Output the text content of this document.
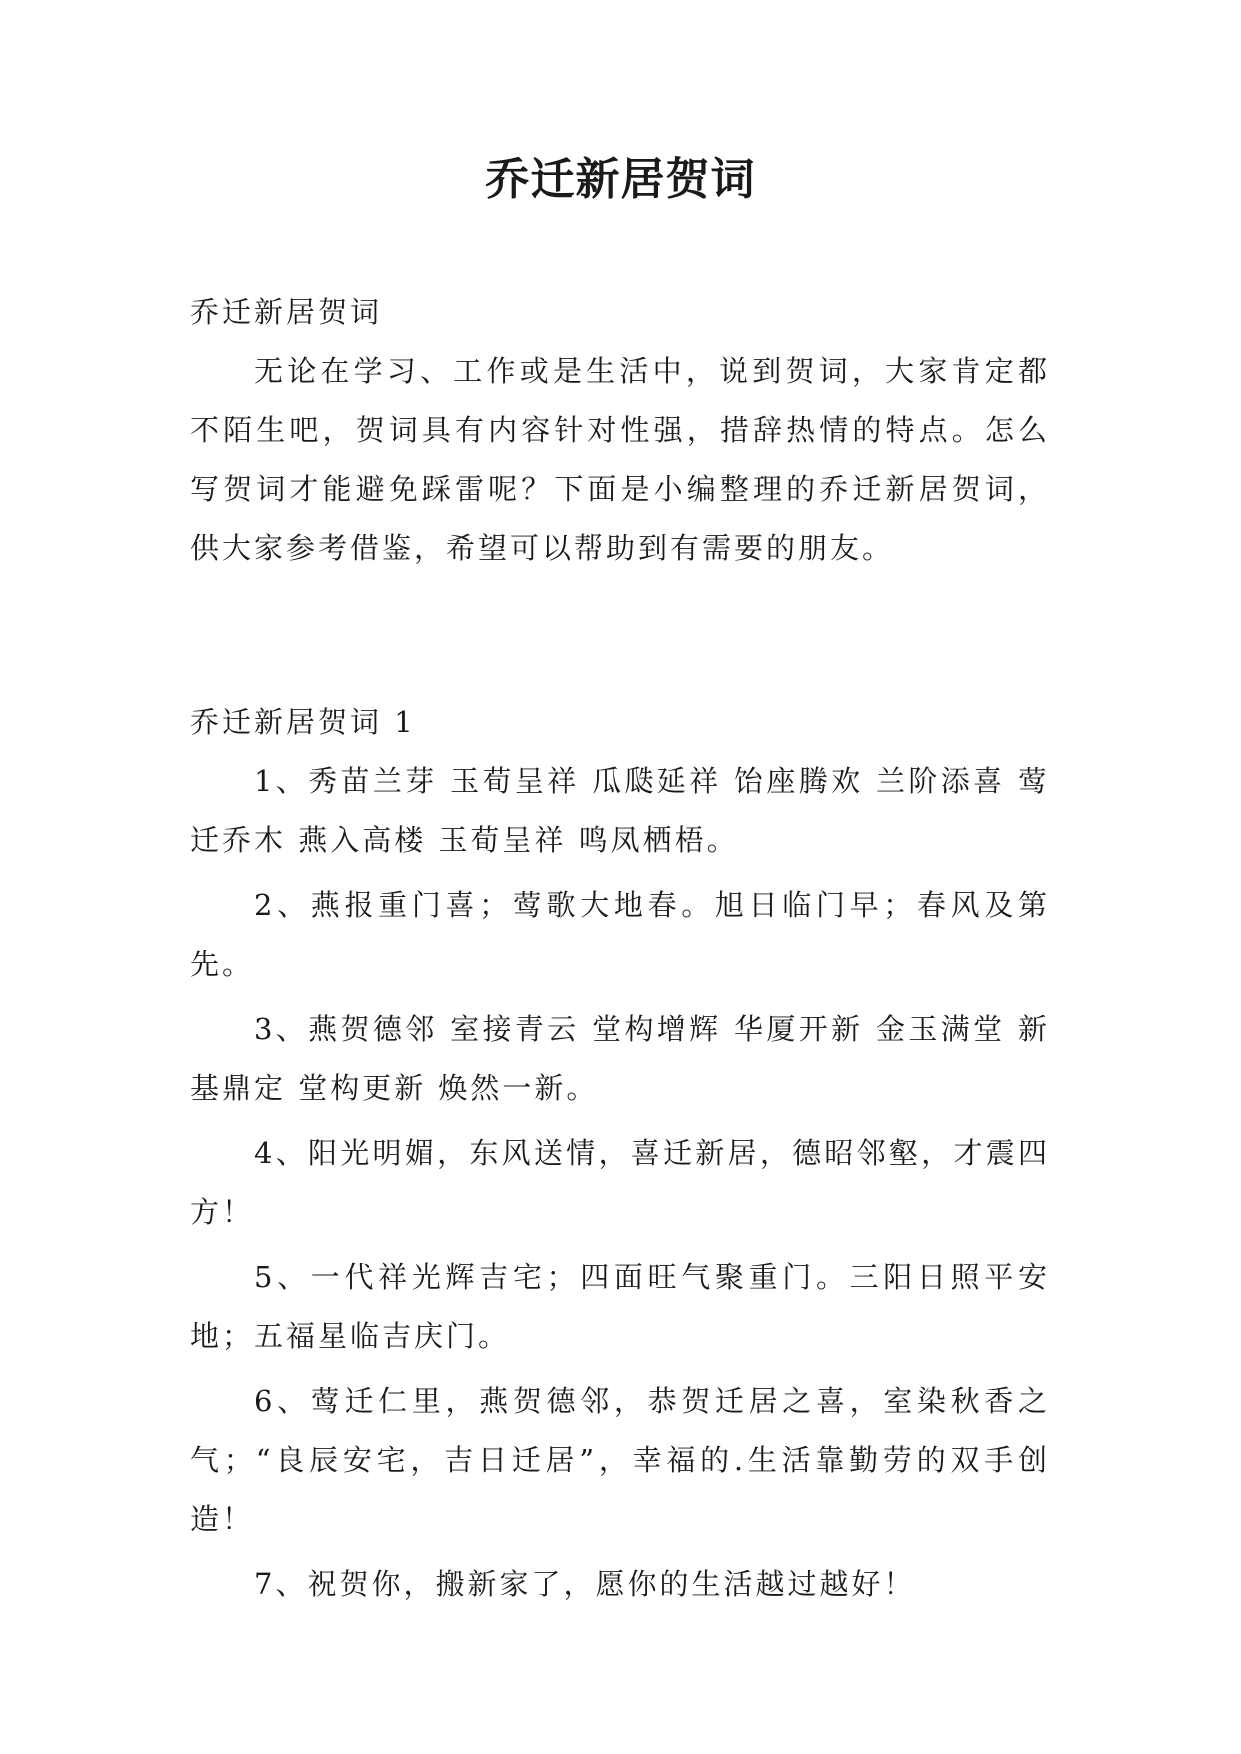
乔迁新居贺词

乔迁新居贺词

无论在学习、工作或是生活中，说到贺词，大家肯定都不陌生吧，贺词具有内容针对性强，措辞热情的特点。怎么写贺词才能避免踩雷呢？下面是小编整理的乔迁新居贺词，供大家参考借鉴，希望可以帮助到有需要的朋友。

乔迁新居贺词 1

1、秀苗兰芽 玉荀呈祥 瓜瓞延祥 饴座腾欢 兰阶添喜 莺迁乔木 燕入高楼 玉荀呈祥 鸣凤栖梧。

2、燕报重门喜；莺歌大地春。旭日临门早；春风及第先。

3、燕贺德邻 室接青云 堂构增辉 华厦开新 金玉满堂 新基鼎定 堂构更新 焕然一新。

4、阳光明媚，东风送情，喜迁新居，德昭邻壑，才震四方！

5、一代祥光辉吉宅；四面旺气聚重门。三阳日照平安地；五福星临吉庆门。

6、莺迁仁里，燕贺德邻，恭贺迁居之喜，室染秋香之气；“良辰安宅，吉日迁居”，幸福的.生活靠勤劳的双手创造！

7、祝贺你，搬新家了，愿你的生活越过越好！
